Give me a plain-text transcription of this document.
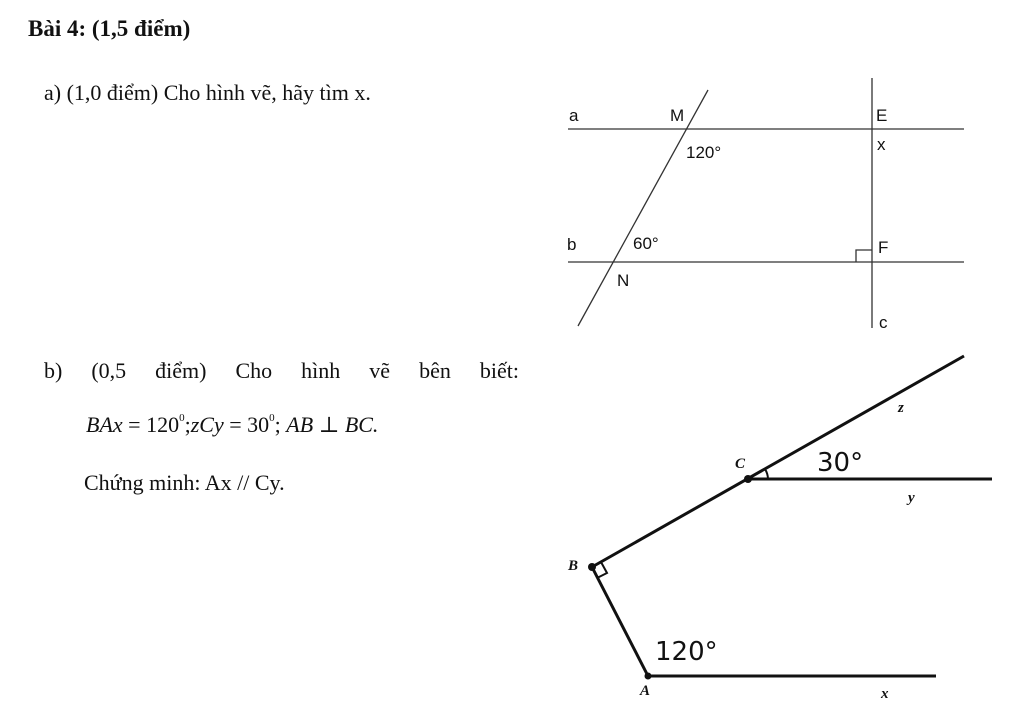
Bài 4: (1,5 điểm)
a) (1,0 điểm) Cho hình vẽ, hãy tìm x.
b) (0,5 điểm) Cho hình vẽ bên biết:
BAx = $120^0;zCy = 30^0$; AB ⊥ BC.
Chứng minh: Ax // Cy.
a
b
c
M
N
E
F
x
120°
60°
B
C
A	x
y
z
30°
120°
